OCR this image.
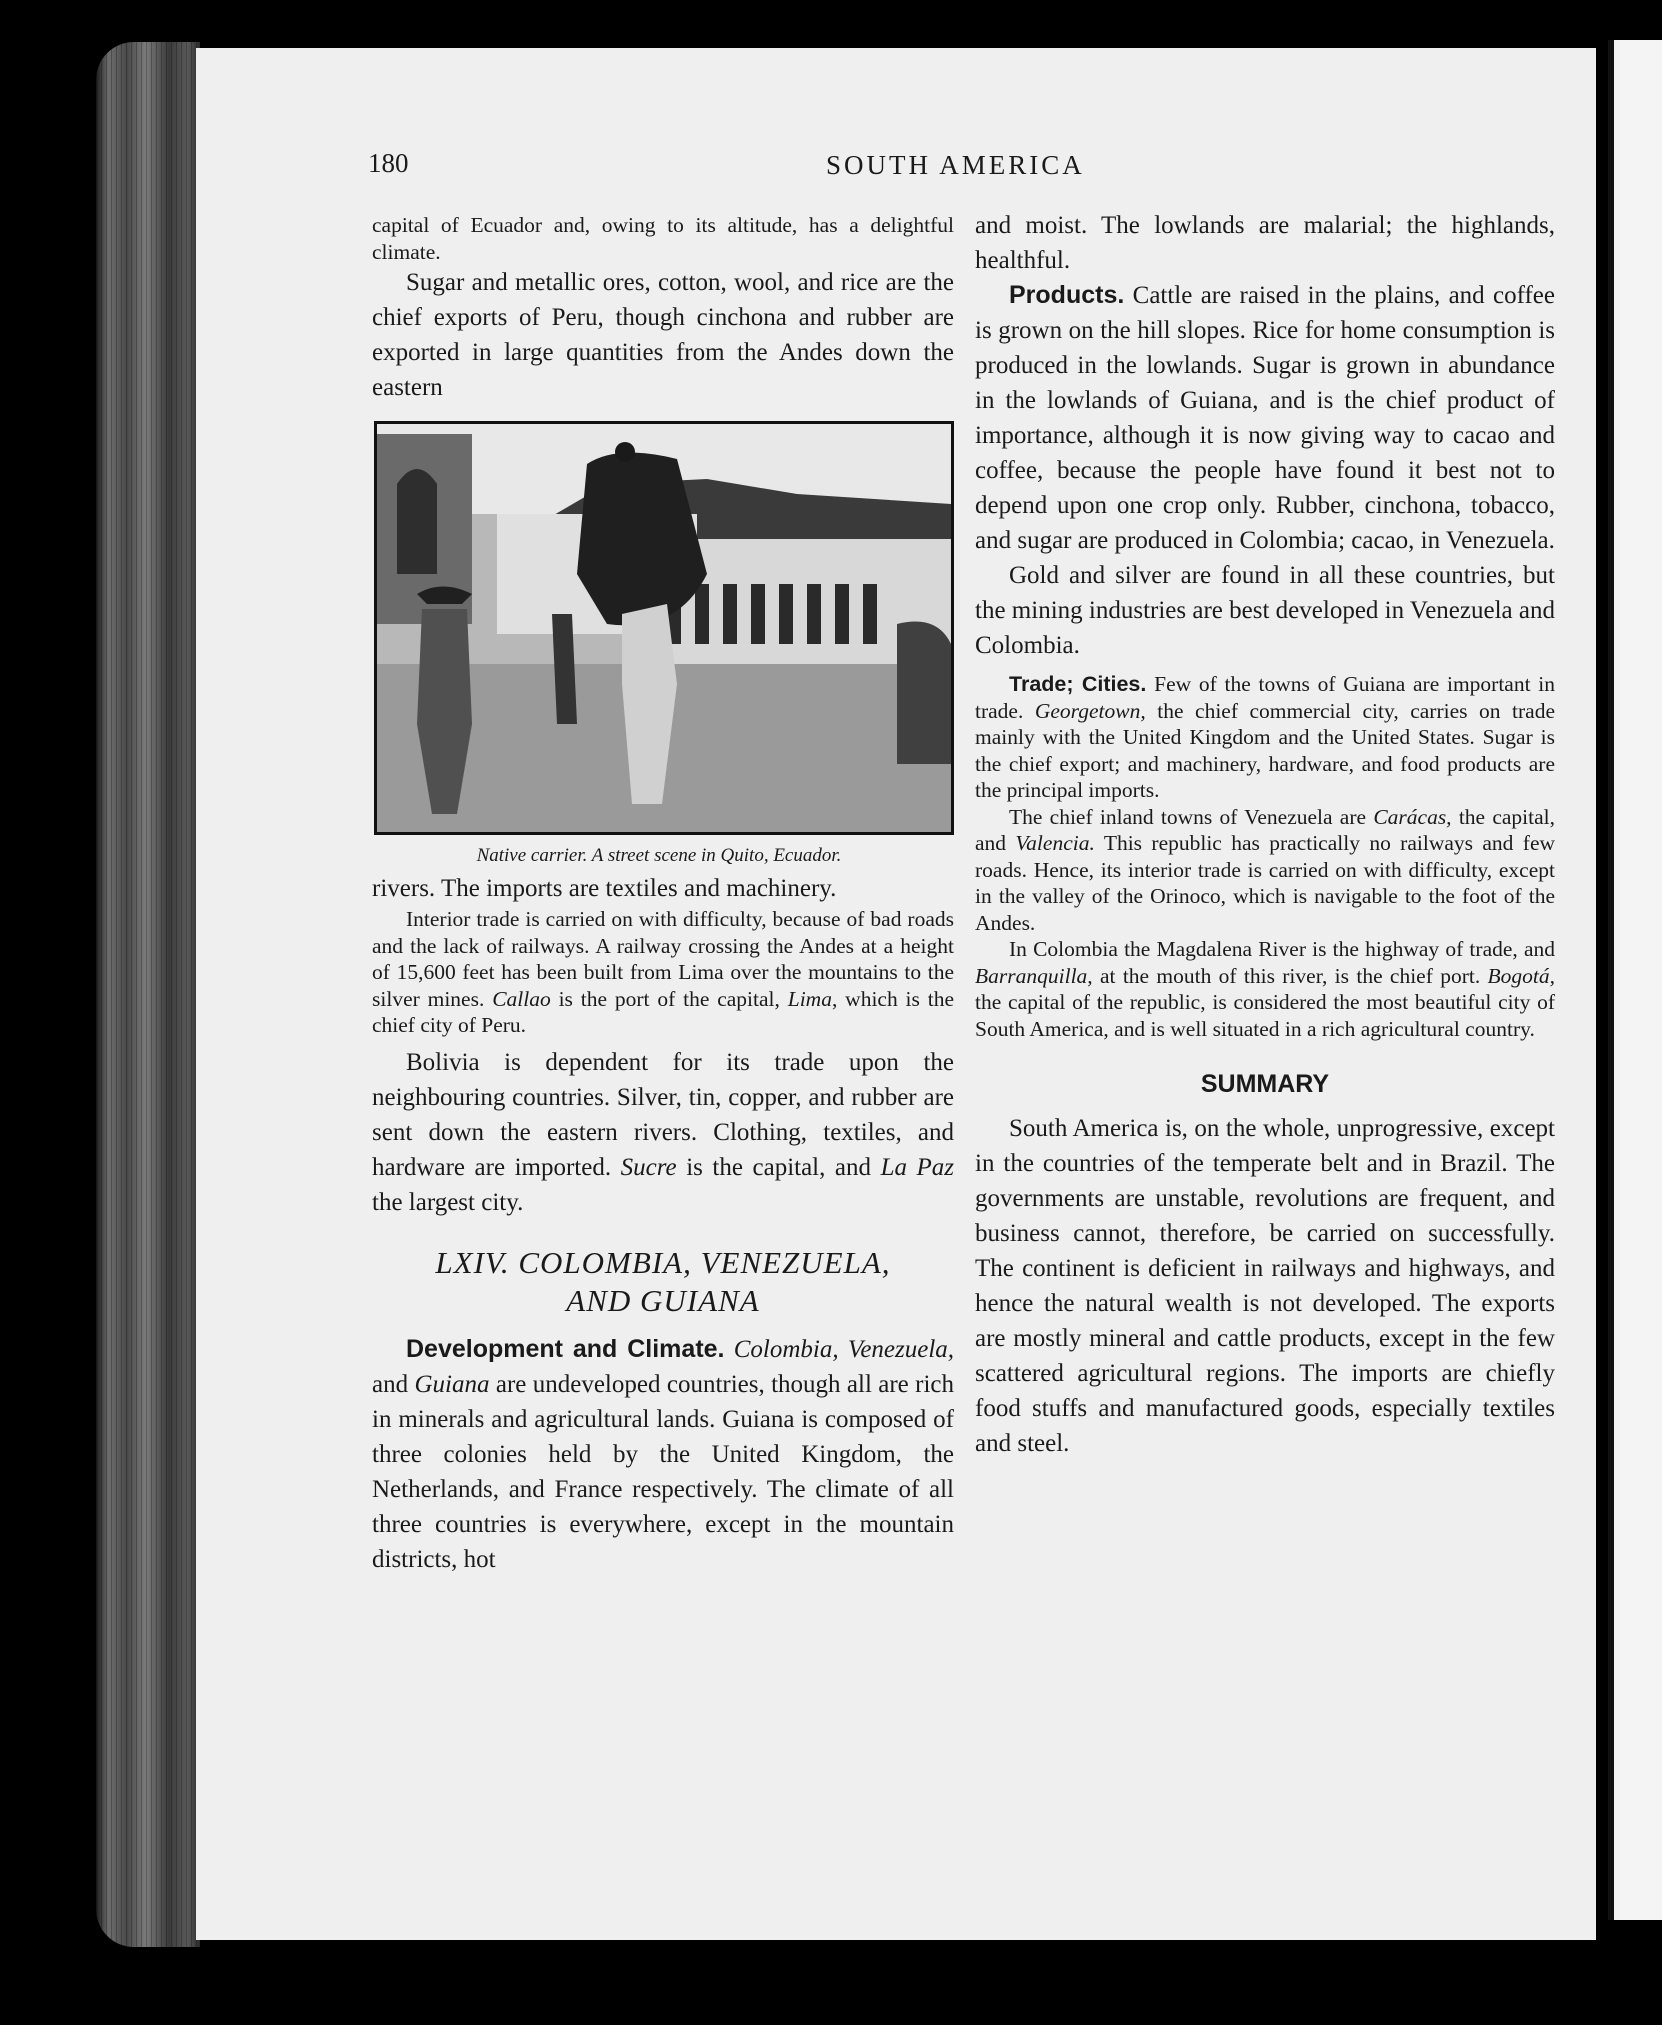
180	SOUTH AMERICA

capital of Ecuador and, owing to its altitude, has a delightful climate.

Sugar and metallic ores, cotton, wool, and rice are the chief exports of Peru, though cinchona and rubber are exported in large quantities from the Andes down the eastern

Native carrier. A street scene in Quito, Ecuador.

rivers. The imports are textiles and machinery.

Interior trade is carried on with difficulty, because of bad roads and the lack of railways. A railway crossing the Andes at a height of 15,600 feet has been built from Lima over the mountains to the silver mines. Callao is the port of the capital, Lima, which is the chief city of Peru.

Bolivia is dependent for its trade upon the neighbouring countries. Silver, tin, copper, and rubber are sent down the eastern rivers. Clothing, textiles, and hardware are imported. Sucre is the capital, and La Paz the largest city.

LXIV. COLOMBIA, VENEZUELA,
AND GUIANA

Development and Climate. Colombia, Venezuela, and Guiana are undeveloped countries, though all are rich in minerals and agricultural lands. Guiana is composed of three colonies held by the United Kingdom, the Netherlands, and France respectively. The climate of all three countries is everywhere, except in the mountain districts, hot

and moist. The lowlands are malarial; the highlands, healthful.

Products. Cattle are raised in the plains, and coffee is grown on the hill slopes. Rice for home consumption is produced in the lowlands. Sugar is grown in abundance in the lowlands of Guiana, and is the chief product of importance, although it is now giving way to cacao and coffee, because the people have found it best not to depend upon one crop only. Rubber, cinchona, tobacco, and sugar are produced in Colombia; cacao, in Venezuela.

Gold and silver are found in all these countries, but the mining industries are best developed in Venezuela and Colombia.

Trade; Cities. Few of the towns of Guiana are important in trade. Georgetown, the chief commercial city, carries on trade mainly with the United Kingdom and the United States. Sugar is the chief export; and machinery, hardware, and food products are the principal imports.

The chief inland towns of Venezuela are Carácas, the capital, and Valencia. This republic has practically no railways and few roads. Hence, its interior trade is carried on with difficulty, except in the valley of the Orinoco, which is navigable to the foot of the Andes.

In Colombia the Magdalena River is the highway of trade, and Barranquilla, at the mouth of this river, is the chief port. Bogotá, the capital of the republic, is considered the most beautiful city of South America, and is well situated in a rich agricultural country.

SUMMARY

South America is, on the whole, unprogressive, except in the countries of the temperate belt and in Brazil. The governments are unstable, revolutions are frequent, and business cannot, therefore, be carried on successfully. The continent is deficient in railways and highways, and hence the natural wealth is not developed. The exports are mostly mineral and cattle products, except in the few scattered agricultural regions. The imports are chiefly food stuffs and manufactured goods, especially textiles and steel.
